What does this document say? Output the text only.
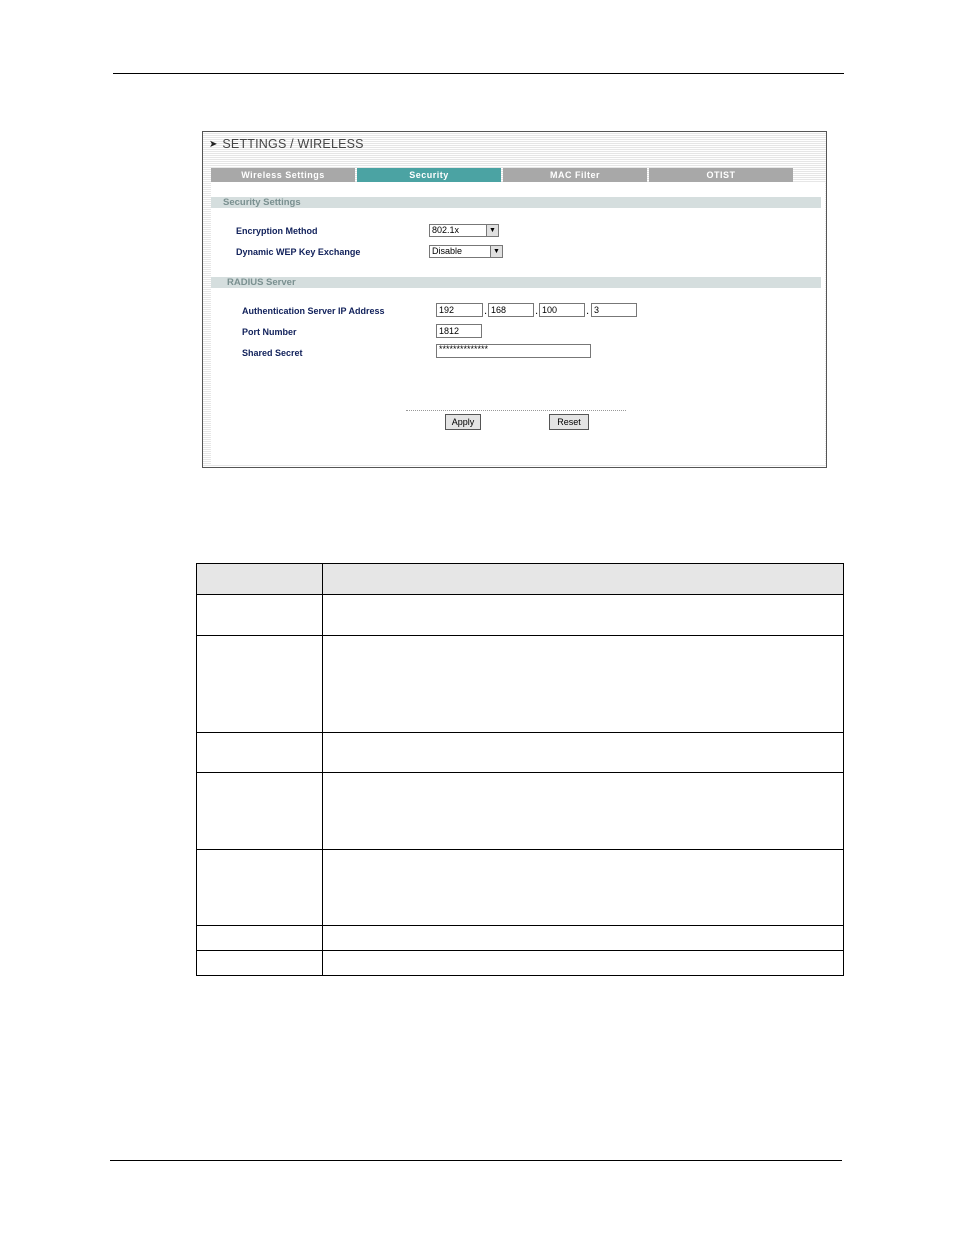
➤ SETTINGS / WIRELESS
Wireless Settings	Security	MAC Filter	OTIST
Security Settings
Encryption Method	802.1x	▼
Dynamic WEP Key Exchange	Disable	▼
RADIUS Server
Authentication Server IP Address	192	. 168	. 100	. 3
Port Number	1812
Shared Secret	**************
Apply	Reset
